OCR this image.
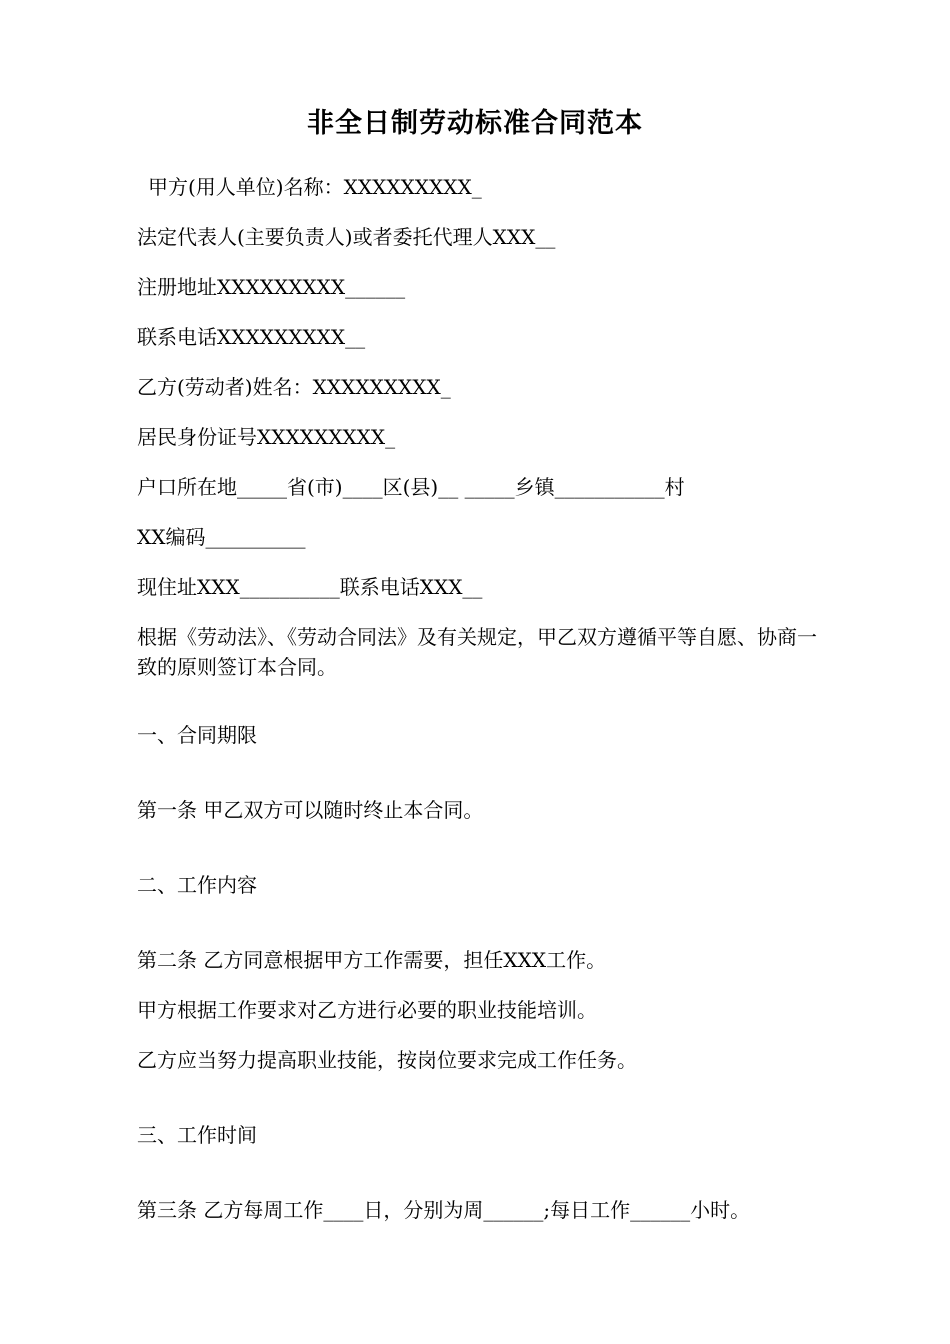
非全日制劳动标准合同范本
甲方(用人单位)名称：XXXXXXXXX_
法定代表人(主要负责人)或者委托代理人XXX__
注册地址XXXXXXXXX______
联系电话XXXXXXXXX__
乙方(劳动者)姓名：XXXXXXXXX_
居民身份证号XXXXXXXXX_
户口所在地_____省(市)____区(县)__ _____乡镇___________村
XX编码__________
现住址XXX__________联系电话XXX__
根据《劳动法》、《劳动合同法》及有关规定，甲乙双方遵循平等自愿、协商一致的原则签订本合同。
一、合同期限
第一条 甲乙双方可以随时终止本合同。
二、工作内容
第二条 乙方同意根据甲方工作需要，担任XXX工作。
甲方根据工作要求对乙方进行必要的职业技能培训。
乙方应当努力提高职业技能，按岗位要求完成工作任务。
三、工作时间
第三条 乙方每周工作____日，分别为周______;每日工作______小时。
